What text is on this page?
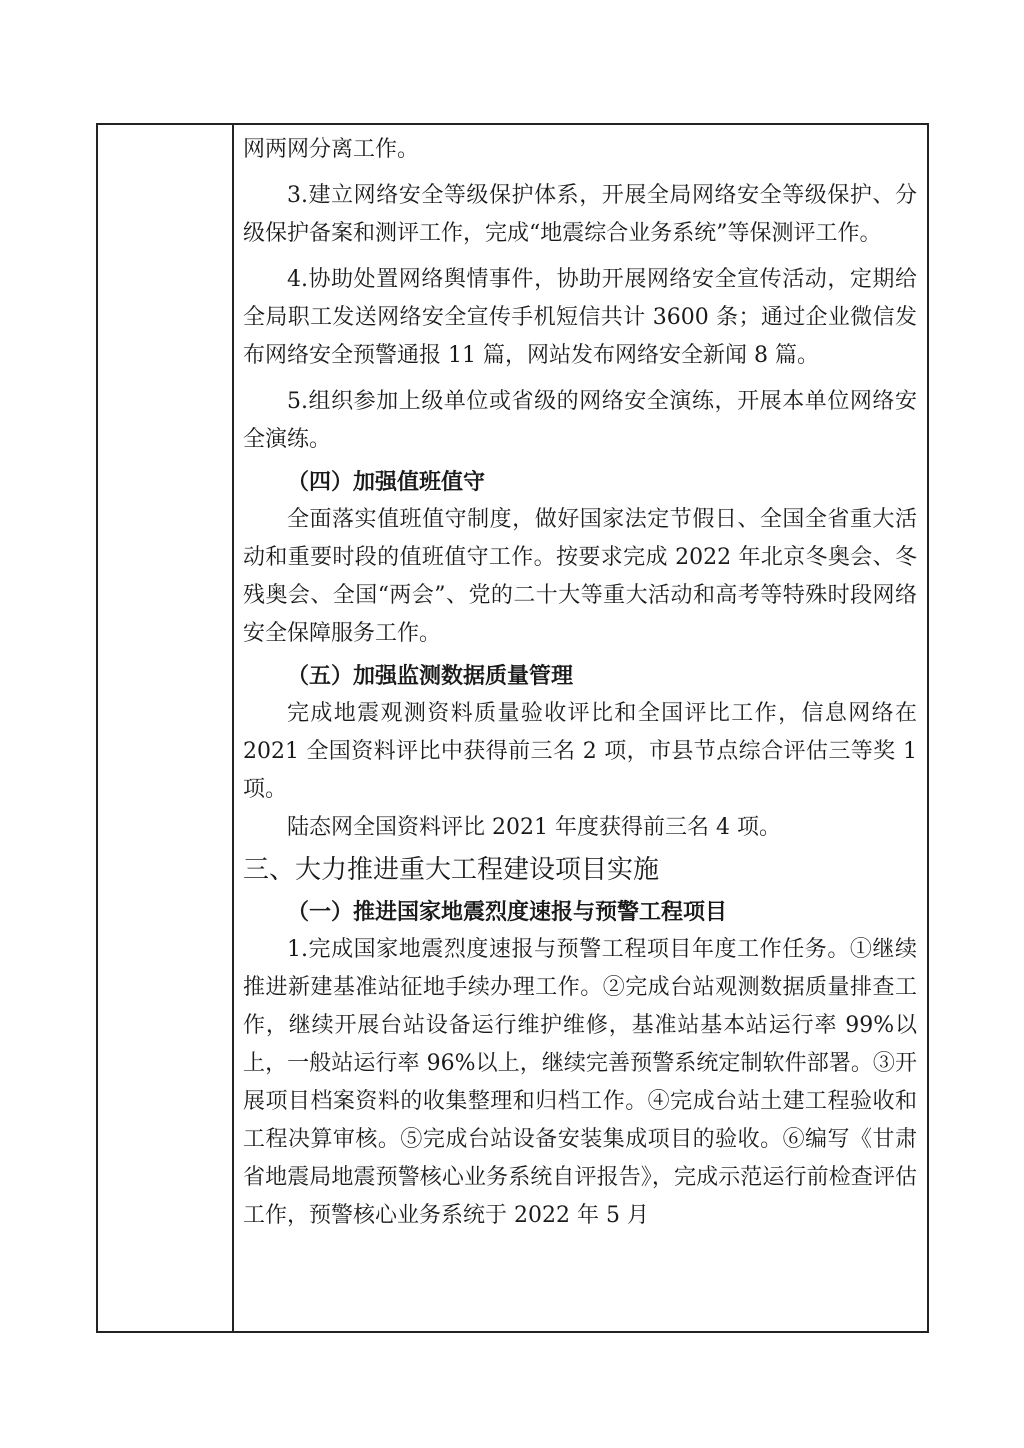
网两网分离工作。

3.建立网络安全等级保护体系，开展全局网络安全等级保护、分级保护备案和测评工作，完成“地震综合业务系统”等保测评工作。

4.协助处置网络舆情事件，协助开展网络安全宣传活动，定期给全局职工发送网络安全宣传手机短信共计 3600 条；通过企业微信发布网络安全预警通报 11 篇，网站发布网络安全新闻 8 篇。

5.组织参加上级单位或省级的网络安全演练，开展本单位网络安全演练。

（四）加强值班值守

全面落实值班值守制度，做好国家法定节假日、全国全省重大活动和重要时段的值班值守工作。按要求完成 2022 年北京冬奥会、冬残奥会、全国“两会”、党的二十大等重大活动和高考等特殊时段网络安全保障服务工作。

（五）加强监测数据质量管理

完成地震观测资料质量验收评比和全国评比工作，信息网络在 2021 全国资料评比中获得前三名 2 项，市县节点综合评估三等奖 1 项。

陆态网全国资料评比 2021 年度获得前三名 4 项。

三、大力推进重大工程建设项目实施

（一）推进国家地震烈度速报与预警工程项目

1.完成国家地震烈度速报与预警工程项目年度工作任务。①继续推进新建基准站征地手续办理工作。②完成台站观测数据质量排查工作，继续开展台站设备运行维护维修，基准站基本站运行率 99%以上，一般站运行率 96%以上，继续完善预警系统定制软件部署。③开展项目档案资料的收集整理和归档工作。④完成台站土建工程验收和工程决算审核。⑤完成台站设备安装集成项目的验收。⑥编写《甘肃省地震局地震预警核心业务系统自评报告》，完成示范运行前检查评估工作，预警核心业务系统于 2022 年 5 月
